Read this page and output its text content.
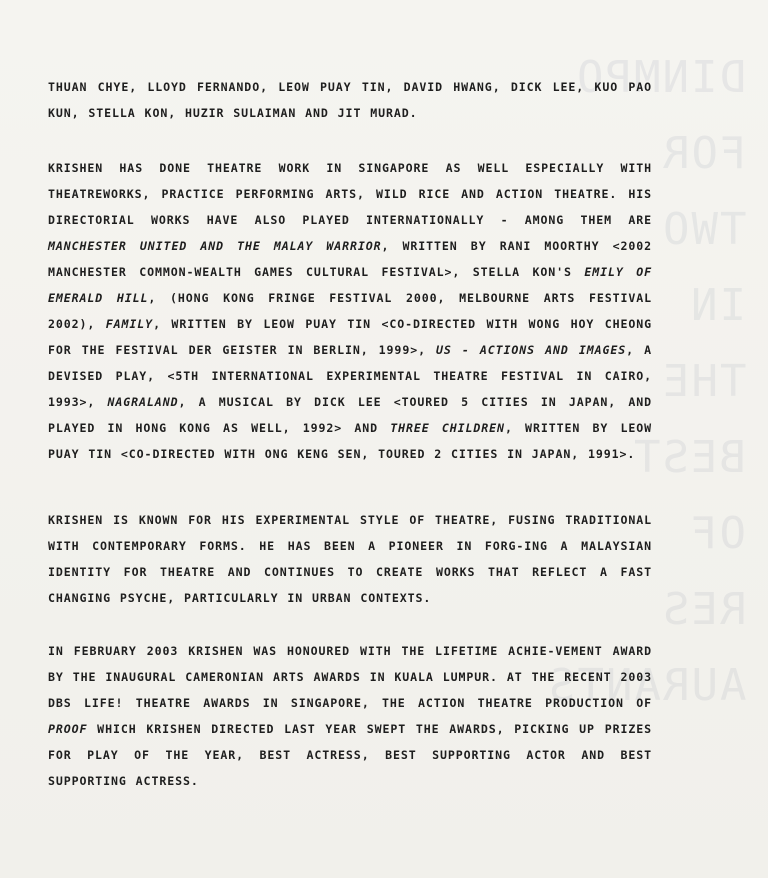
DINMPO
FOR
TWO
IN
THE
BEST
OF
RES
AURANTS

THUAN CHYE, LLOYD FERNANDO, LEOW PUAY TIN, DAVID HWANG, DICK LEE, KUO PAO KUN, STELLA KON, HUZIR SULAIMAN AND JIT MURAD.

KRISHEN HAS DONE THEATRE WORK IN SINGAPORE AS WELL ESPECIALLY WITH THEATREWORKS, PRACTICE PERFORMING ARTS, WILD RICE AND ACTION THEATRE. HIS DIRECTORIAL WORKS HAVE ALSO PLAYED INTERNATIONALLY - AMONG THEM ARE MANCHESTER UNITED AND THE MALAY WARRIOR, WRITTEN BY RANI MOORTHY <2002 MANCHESTER COMMON-WEALTH GAMES CULTURAL FESTIVAL>, STELLA KON'S EMILY OF EMERALD HILL, (HONG KONG FRINGE FESTIVAL 2000, MELBOURNE ARTS FESTIVAL 2002), FAMILY, WRITTEN BY LEOW PUAY TIN <CO-DIRECTED WITH WONG HOY CHEONG FOR THE FESTIVAL DER GEISTER IN BERLIN, 1999>, US - ACTIONS AND IMAGES, A DEVISED PLAY, <5TH INTERNATIONAL EXPERIMENTAL THEATRE FESTIVAL IN CAIRO, 1993>, NAGRALAND, A MUSICAL BY DICK LEE <TOURED 5 CITIES IN JAPAN, AND PLAYED IN HONG KONG AS WELL, 1992> AND THREE CHILDREN, WRITTEN BY LEOW PUAY TIN <CO-DIRECTED WITH ONG KENG SEN, TOURED 2 CITIES IN JAPAN, 1991>.

KRISHEN IS KNOWN FOR HIS EXPERIMENTAL STYLE OF THEATRE, FUSING TRADITIONAL WITH CONTEMPORARY FORMS. HE HAS BEEN A PIONEER IN FORG-ING A MALAYSIAN IDENTITY FOR THEATRE AND CONTINUES TO CREATE WORKS THAT REFLECT A FAST CHANGING PSYCHE, PARTICULARLY IN URBAN CONTEXTS.

IN FEBRUARY 2003 KRISHEN WAS HONOURED WITH THE LIFETIME ACHIE-VEMENT AWARD BY THE INAUGURAL CAMERONIAN ARTS AWARDS IN KUALA LUMPUR. AT THE RECENT 2003 DBS LIFE! THEATRE AWARDS IN SINGAPORE, THE ACTION THEATRE PRODUCTION OF PROOF WHICH KRISHEN DIRECTED LAST YEAR SWEPT THE AWARDS, PICKING UP PRIZES FOR PLAY OF THE YEAR, BEST ACTRESS, BEST SUPPORTING ACTOR AND BEST SUPPORTING ACTRESS.
